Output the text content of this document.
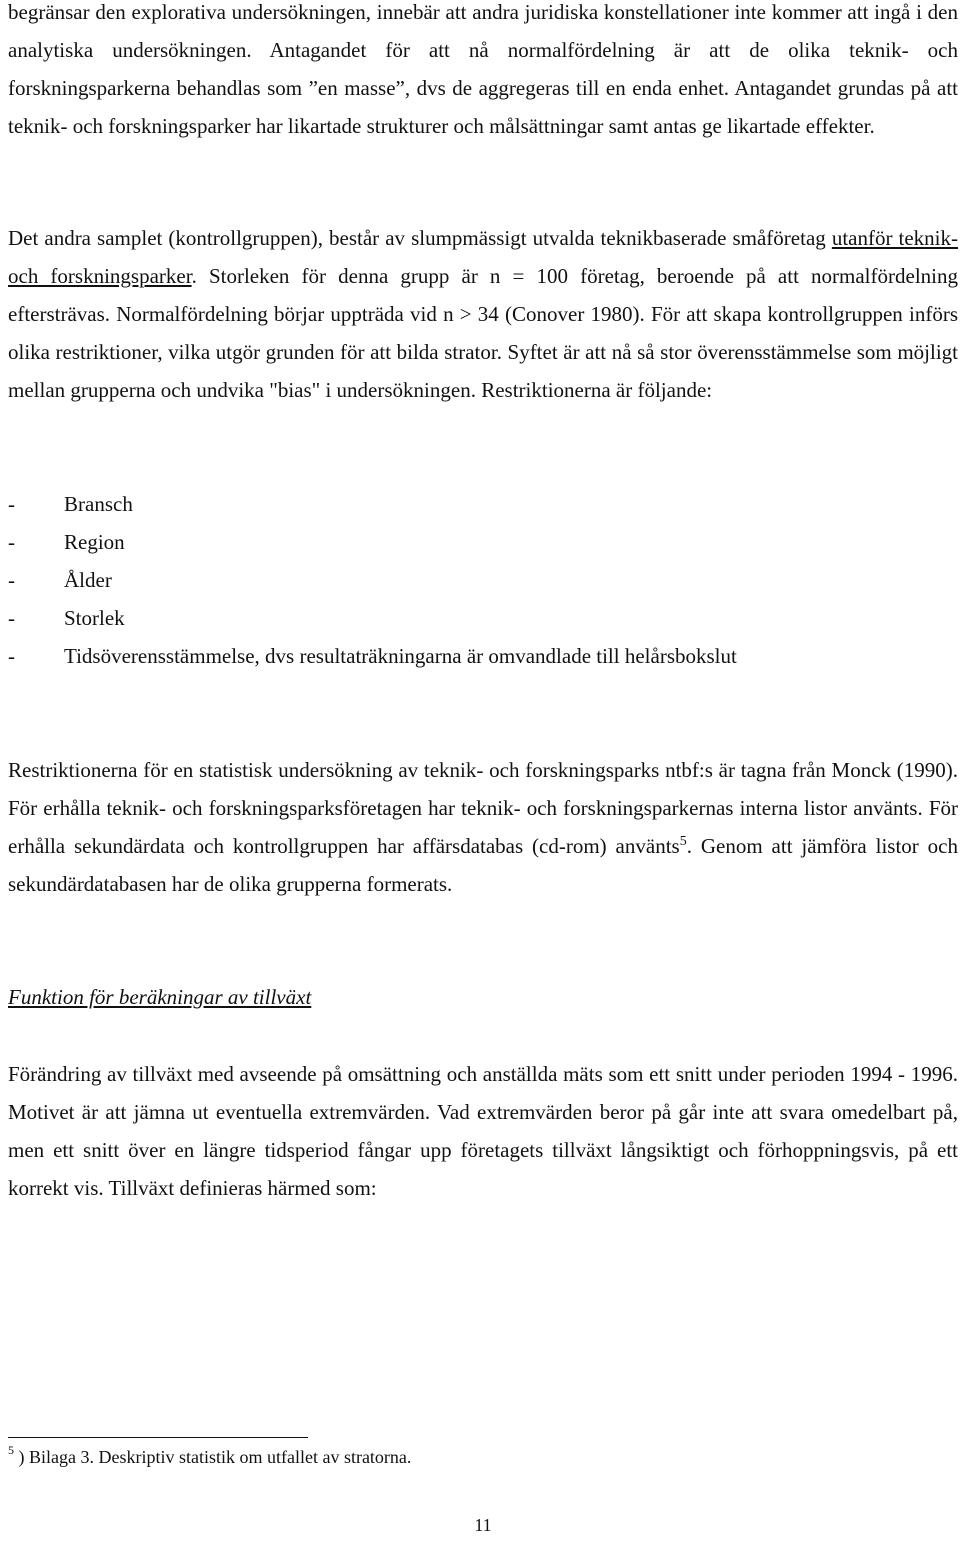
begränsar den explorativa undersökningen, innebär att andra juridiska konstellationer inte kommer att ingå i den analytiska undersökningen. Antagandet för att nå normalfördelning är att de olika teknik- och forskningsparkerna behandlas som ”en masse”, dvs de aggregeras till en enda enhet. Antagandet grundas på att teknik- och forskningsparker har likartade strukturer och målsättningar samt antas ge likartade effekter.

Det andra samplet (kontrollgruppen), består av slumpmässigt utvalda teknikbaserade småföretag utanför teknik- och forskningsparker. Storleken för denna grupp är n = 100 företag, beroende på att normalfördelning eftersträvas. Normalfördelning börjar uppträda vid n > 34 (Conover 1980). För att skapa kontrollgruppen införs olika restriktioner, vilka utgör grunden för att bilda strator. Syftet är att nå så stor överensstämmelse som möjligt mellan grupperna och undvika "bias" i undersökningen. Restriktionerna är följande:

- Bransch
- Region
- Ålder
- Storlek
- Tidsöverensstämmelse, dvs resultaträkningarna är omvandlade till helårsbokslut

Restriktionerna för en statistisk undersökning av teknik- och forskningsparks ntbf:s är tagna från Monck (1990). För erhålla teknik- och forskningsparksföretagen har teknik- och forskningsparkernas interna listor använts. För erhålla sekundärdata och kontrollgruppen har affärsdatabas (cd-rom) använts$^5$. Genom att jämföra listor och sekundärdatabasen har de olika grupperna formerats.

Funktion för beräkningar av tillväxt

Förändring av tillväxt med avseende på omsättning och anställda mäts som ett snitt under perioden 1994 - 1996. Motivet är att jämna ut eventuella extremvärden. Vad extremvärden beror på går inte att svara omedelbart på, men ett snitt över en längre tidsperiod fångar upp företagets tillväxt långsiktigt och förhoppningsvis, på ett korrekt vis. Tillväxt definieras härmed som:

$^5$ ) Bilaga 3. Deskriptiv statistik om utfallet av stratorna.

11
